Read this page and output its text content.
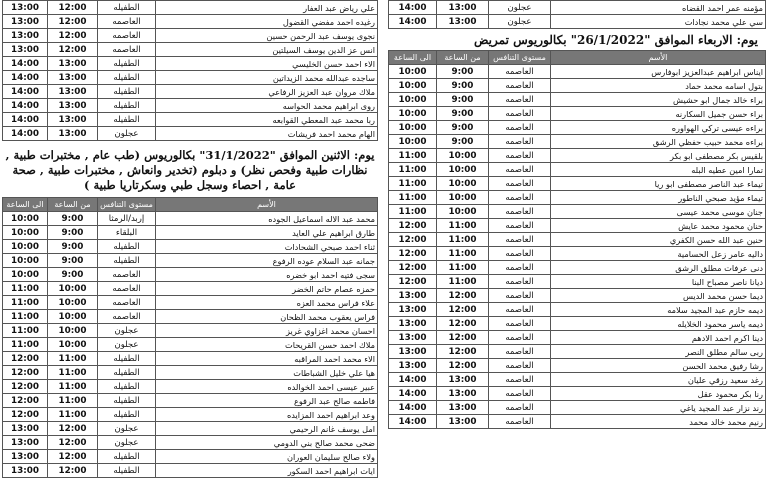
13:00	12:00	الطفيله	علي رياض عبد العفار
13:00	12:00	العاصمه	رغيده احمد مفضي القضول
13:00	12:00	العاصمه	نجوى يوسف عبد الرحمن حسين
13:00	12:00	العاصمه	انس عز الدين يوسف السيلتين
14:00	13:00	الطفيله	الاء احمد حسن الخليسي
14:00	13:00	الطفيله	ساجده عبدالله محمد الزيداتين
14:00	13:00	الطفيله	ملاك مروان عبد العزيز الرفاعي
14:00	13:00	الطفيله	روى ابراهيم محمد الحواسه
14:00	13:00	الطفيله	ربا محمد عبد المعطي القوابعه
14:00	13:00	عجلون	الهام محمد احمد فريشات
يوم: الاثنين الموافق "31/1/2022" بكالوريوس (طب عام , مختبرات طبية , نظارات طبية وفحص نظر) و دبلوم (تخدير وانعاش , مختبرات طبية , صحة عامة , احصاء وسجل طبي وسكرتاريا طبية )
الى الساعة	من الساعة	مستوى التنافس	الأسم
10:00	9:00	إربد/الرمثا	محمد عبد الاله اسماعيل الجوده
10:00	9:00	البلقاء	طارق ابراهيم علي العايد
10:00	9:00	الطفيله	ثناء احمد صبحي الشحادات
10:00	9:00	الطفيله	جمانه عبد السلام عوده الرفوع
10:00	9:00	العاصمه	سجى فتيه احمد ابو خضره
11:00	10:00	العاصمه	حمزه عصام حاتم الخضر
11:00	10:00	العاصمه	علاء فراس محمد العزه
11:00	10:00	العاصمه	فراس يعقوب محمد الظحان
11:00	10:00	عجلون	احسان محمد اغزاوي غريز
11:00	10:00	عجلون	ملاك احمد حسن القريحات
12:00	11:00	الطفيله	الاء محمد احمد المراقبه
12:00	11:00	الطفيله	هيا علي خليل الشباطات
12:00	11:00	الطفيله	عبير عيسى احمد الخوالده
12:00	11:00	الطفيله	فاطمه صالح عبد الرفوع
12:00	11:00	الطفيله	وعد ابراهيم احمد المزايده
13:00	12:00	عجلون	امل يوسف غانم الرحيمي
13:00	12:00	عجلون	ضحى محمد صالح بني الدومي
13:00	12:00	الطفيله	ولاء صالح سليمان العوران
13:00	12:00	الطفيله	ايات ابراهيم احمد السكور
14:00	13:00	عجلون	مؤمنه عمر احمد القضاه
14:00	13:00	عجلون	سي علي محمد نجادات
يوم: الاربعاء الموافق "26/1/2022" بكالوريوس تمريض
الى الساعة	من الساعة	مستوى التنافس	الأسم
10:00	9:00	العاصمه	ايناس ابراهيم عبدالعزيز ابوفارس
10:00	9:00	العاصمه	بتول اسامه محمد حماد
10:00	9:00	العاصمه	براء خالد جمال ابو حشيش
10:00	9:00	العاصمه	براء حسن جميل السكارنه
10:00	9:00	العاصمه	براءه عيسى تركي الهواوره
10:00	9:00	العاصمه	براءه محمد حبيب حفظي الرشق
11:00	10:00	العاصمه	بلقيس بكر مصطفى ابو بكر
11:00	10:00	العاصمه	تمارا امين عطيه البله
11:00	10:00	العاصمه	تيماء عبد الناصر مصطفى ابو ريا
11:00	10:00	العاصمه	تيماء مؤيد صبحي الناطور
11:00	10:00	العاصمه	جنان موسى محمد عيسى
12:00	11:00	العاصمه	حنان محمود محمد عايش
12:00	11:00	العاصمه	حنين عبد الله حسن الكفري
12:00	11:00	العاصمه	داليه عامر زعل الحسامية
12:00	11:00	العاصمه	دنى عرفات مطلق الرشق
12:00	11:00	العاصمه	ديانا ناصر مصباح البنا
13:00	12:00	العاصمه	ديما حسن محمد الديس
13:00	12:00	العاصمه	ديمه حازم عبد المجيد سلامه
13:00	12:00	العاصمه	ديمه ياسر محمود الخلايله
13:00	12:00	العاصمه	دينا اكرم احمد الادهم
13:00	12:00	العاصمه	ربى سالم مطلق النصر
13:00	12:00	العاصمه	رشا رفيق محمد الحسن
14:00	13:00	العاصمه	رغد سعيد رزقي عليان
14:00	13:00	العاصمه	رنا بكر محمود عقل
14:00	13:00	العاصمه	رند نزار عبد المجيد ياغي
14:00	13:00	العاصمه	رنيم محمد خالد محمد
